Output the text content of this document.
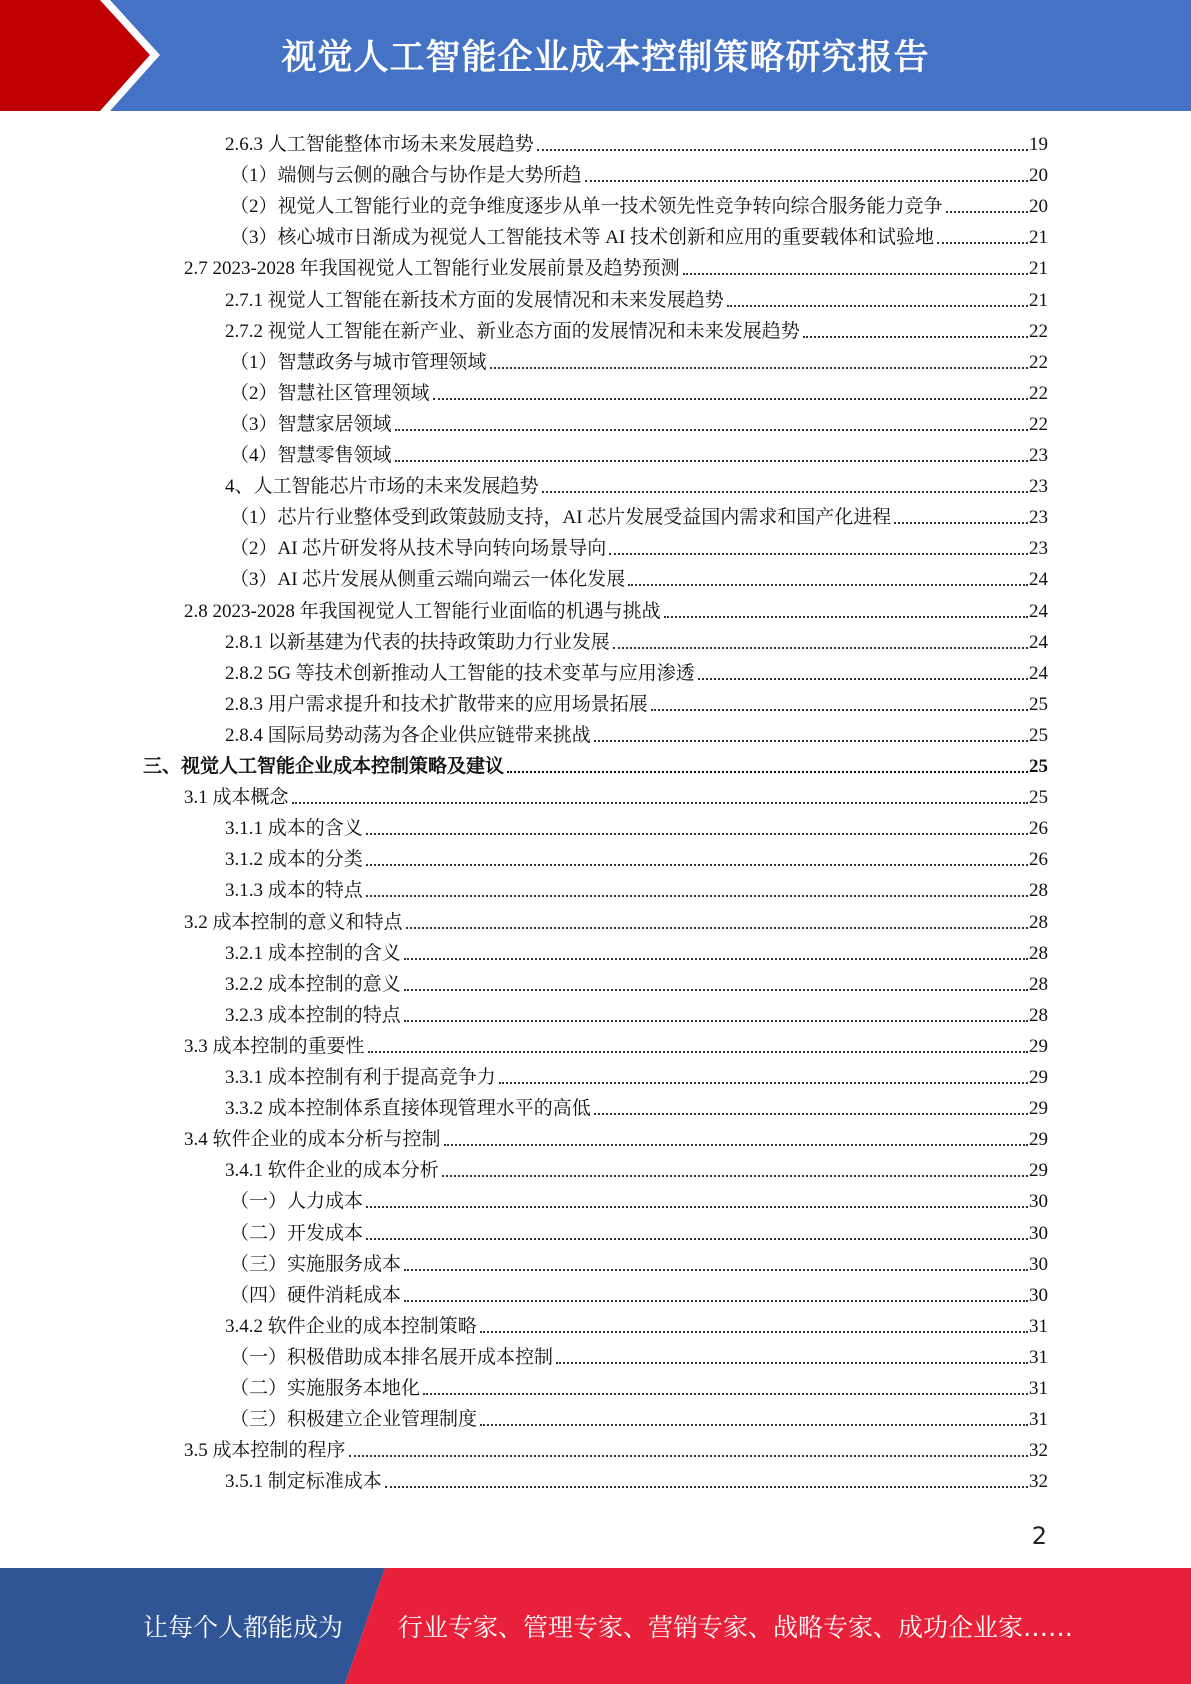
视觉人工智能企业成本控制策略研究报告
2.6.3 人工智能整体市场未来发展趋势	19
（1）端侧与云侧的融合与协作是大势所趋	20
（2）视觉人工智能行业的竞争维度逐步从单一技术领先性竞争转向综合服务能力竞争	20
（3）核心城市日渐成为视觉人工智能技术等 AI 技术创新和应用的重要载体和试验地	21
2.7 2023-2028 年我国视觉人工智能行业发展前景及趋势预测	21
2.7.1 视觉人工智能在新技术方面的发展情况和未来发展趋势	21
2.7.2 视觉人工智能在新产业、新业态方面的发展情况和未来发展趋势	22
（1）智慧政务与城市管理领域	22
（2）智慧社区管理领域	22
（3）智慧家居领域	22
（4）智慧零售领域	23
4、人工智能芯片市场的未来发展趋势	23
（1）芯片行业整体受到政策鼓励支持，AI 芯片发展受益国内需求和国产化进程	23
（2）AI 芯片研发将从技术导向转向场景导向	23
（3）AI 芯片发展从侧重云端向端云一体化发展	24
2.8 2023-2028 年我国视觉人工智能行业面临的机遇与挑战	24
2.8.1 以新基建为代表的扶持政策助力行业发展	24
2.8.2 5G 等技术创新推动人工智能的技术变革与应用渗透	24
2.8.3 用户需求提升和技术扩散带来的应用场景拓展	25
2.8.4 国际局势动荡为各企业供应链带来挑战	25
三、视觉人工智能企业成本控制策略及建议	25
3.1 成本概念	25
3.1.1 成本的含义	26
3.1.2 成本的分类	26
3.1.3 成本的特点	28
3.2 成本控制的意义和特点	28
3.2.1 成本控制的含义	28
3.2.2 成本控制的意义	28
3.2.3 成本控制的特点	28
3.3 成本控制的重要性	29
3.3.1 成本控制有利于提高竞争力	29
3.3.2 成本控制体系直接体现管理水平的高低	29
3.4 软件企业的成本分析与控制	29
3.4.1 软件企业的成本分析	29
（一）人力成本	30
（二）开发成本	30
（三）实施服务成本	30
（四）硬件消耗成本	30
3.4.2 软件企业的成本控制策略	31
（一）积极借助成本排名展开成本控制	31
（二）实施服务本地化	31
（三）积极建立企业管理制度	31
3.5 成本控制的程序	32
3.5.1 制定标准成本	32
2
让每个人都能成为 行业专家、管理专家、营销专家、战略专家、成功企业家……
